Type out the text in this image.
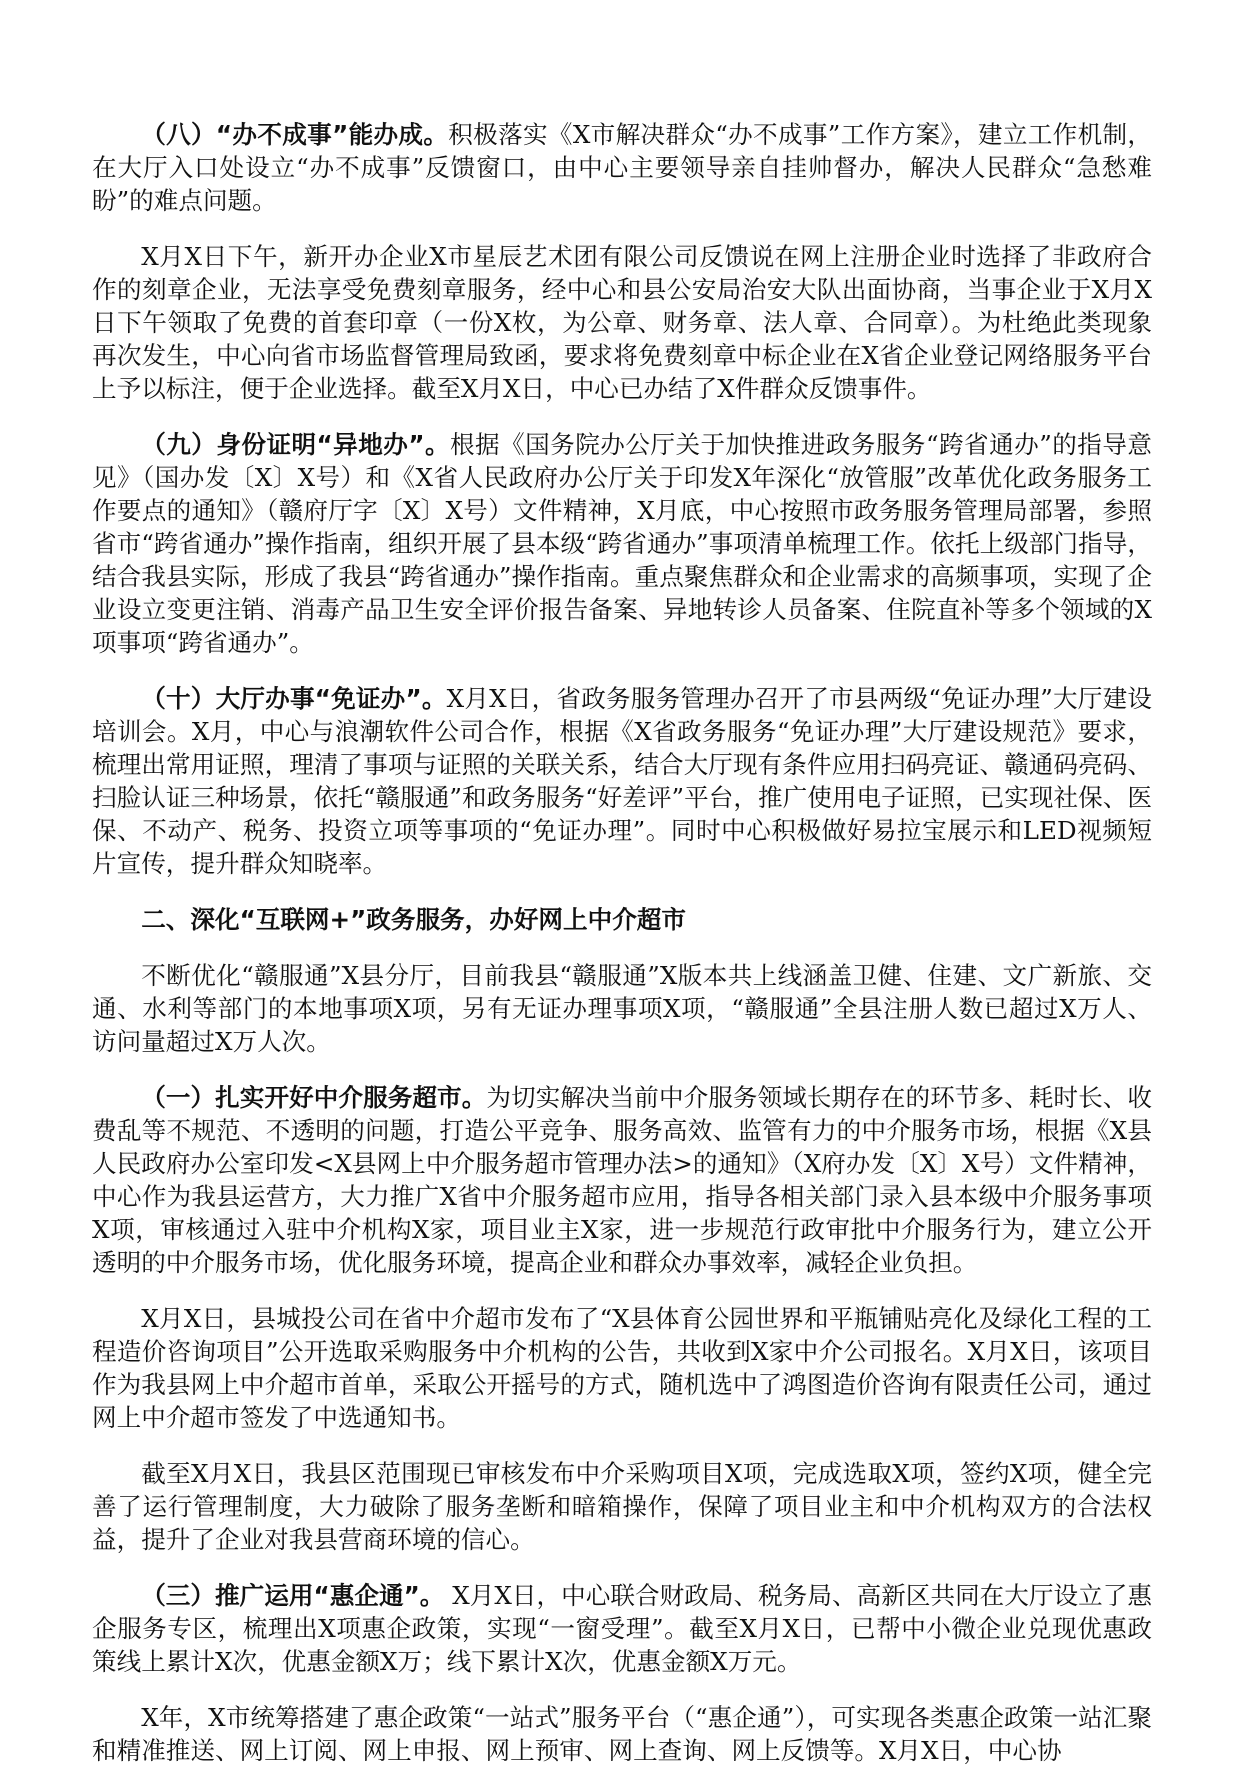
（八）“办不成事”能办成。积极落实《X市解决群众“办不成事”工作方案》，建立工作机制，在大厅入口处设立“办不成事”反馈窗口，由中心主要领导亲自挂帅督办，解决人民群众“急愁难盼”的难点问题。

X月X日下午，新开办企业X市星辰艺术团有限公司反馈说在网上注册企业时选择了非政府合作的刻章企业，无法享受免费刻章服务，经中心和县公安局治安大队出面协商，当事企业于X月X日下午领取了免费的首套印章（一份X枚，为公章、财务章、法人章、合同章）。为杜绝此类现象再次发生，中心向省市场监督管理局致函，要求将免费刻章中标企业在X省企业登记网络服务平台上予以标注，便于企业选择。截至X月X日，中心已办结了X件群众反馈事件。

（九）身份证明“异地办”。根据《国务院办公厅关于加快推进政务服务“跨省通办”的指导意见》（国办发〔X〕X号）和《X省人民政府办公厅关于印发X年深化“放管服”改革优化政务服务工作要点的通知》（赣府厅字〔X〕X号）文件精神，X月底，中心按照市政务服务管理局部署，参照省市“跨省通办”操作指南，组织开展了县本级“跨省通办”事项清单梳理工作。依托上级部门指导，结合我县实际，形成了我县“跨省通办”操作指南。重点聚焦群众和企业需求的高频事项，实现了企业设立变更注销、消毒产品卫生安全评价报告备案、异地转诊人员备案、住院直补等多个领域的X项事项“跨省通办”。

（十）大厅办事“免证办”。X月X日，省政务服务管理办召开了市县两级“免证办理”大厅建设培训会。X月，中心与浪潮软件公司合作，根据《X省政务服务“免证办理”大厅建设规范》要求，梳理出常用证照，理清了事项与证照的关联关系，结合大厅现有条件应用扫码亮证、赣通码亮码、扫脸认证三种场景，依托“赣服通”和政务服务“好差评”平台，推广使用电子证照，已实现社保、医保、不动产、税务、投资立项等事项的“免证办理”。同时中心积极做好易拉宝展示和LED视频短片宣传，提升群众知晓率。

二、深化“互联网+”政务服务，办好网上中介超市

不断优化“赣服通”X县分厅，目前我县“赣服通”X版本共上线涵盖卫健、住建、文广新旅、交通、水利等部门的本地事项X项，另有无证办理事项X项，“赣服通”全县注册人数已超过X万人、访问量超过X万人次。

（一）扎实开好中介服务超市。为切实解决当前中介服务领域长期存在的环节多、耗时长、收费乱等不规范、不透明的问题，打造公平竞争、服务高效、监管有力的中介服务市场，根据《X县人民政府办公室印发<X县网上中介服务超市管理办法>的通知》（X府办发〔X〕X号）文件精神，中心作为我县运营方，大力推广X省中介服务超市应用，指导各相关部门录入县本级中介服务事项X项，审核通过入驻中介机构X家，项目业主X家，进一步规范行政审批中介服务行为，建立公开透明的中介服务市场，优化服务环境，提高企业和群众办事效率，减轻企业负担。

X月X日，县城投公司在省中介超市发布了“X县体育公园世界和平瓶铺贴亮化及绿化工程的工程造价咨询项目”公开选取采购服务中介机构的公告，共收到X家中介公司报名。X月X日，该项目作为我县网上中介超市首单，采取公开摇号的方式，随机选中了鸿图造价咨询有限责任公司，通过网上中介超市签发了中选通知书。

截至X月X日，我县区范围现已审核发布中介采购项目X项，完成选取X项，签约X项，健全完善了运行管理制度，大力破除了服务垄断和暗箱操作，保障了项目业主和中介机构双方的合法权益，提升了企业对我县营商环境的信心。

（三）推广运用“惠企通”。 X月X日，中心联合财政局、税务局、高新区共同在大厅设立了惠企服务专区，梳理出X项惠企政策，实现“一窗受理”。截至X月X日，已帮中小微企业兑现优惠政策线上累计X次，优惠金额X万；线下累计X次，优惠金额X万元。

X年，X市统筹搭建了惠企政策“一站式”服务平台（“惠企通”），可实现各类惠企政策一站汇聚和精准推送、网上订阅、网上申报、网上预审、网上查询、网上反馈等。X月X日，中心协
